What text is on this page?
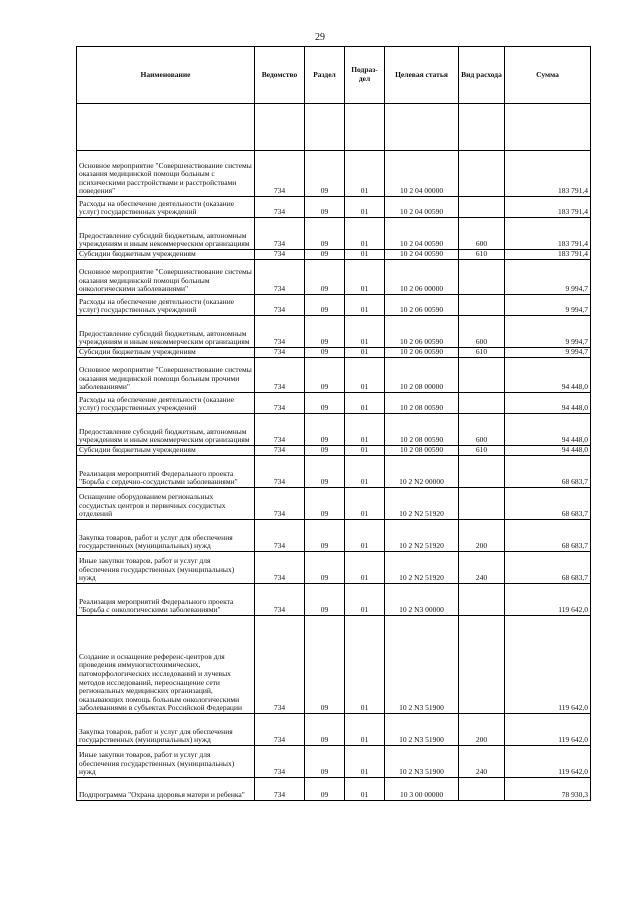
29
Наименование	Ведомство	Раздел	Подраз-дел	Целевая статья	Вид расхода	Сумма

Основное мероприятие "Совершенствование системы оказания медицинской помощи больным с психическими расстройствами и расстройствами поведения"	734	09	01	10 2 04 00000		183 791,4
Расходы на обеспечение деятельности (оказание услуг) государственных учреждений	734	09	01	10 2 04 00590		183 791,4
Предоставление субсидий бюджетным, автономным учреждениям и иным некоммерческим организациям	734	09	01	10 2 04 00590	600	183 791,4
Субсидии бюджетным учреждениям	734	09	01	10 2 04 00590	610	183 791,4
Основное мероприятие "Совершенствование системы оказания медицинской помощи больным онкологическими заболеваниями"	734	09	01	10 2 06 00000		9 994,7
Расходы на обеспечение деятельности (оказание услуг) государственных учреждений	734	09	01	10 2 06 00590		9 994,7
Предоставление субсидий бюджетным, автономным учреждениям и иным некоммерческим организациям	734	09	01	10 2 06 00590	600	9 994,7
Субсидии бюджетным учреждениям	734	09	01	10 2 06 00590	610	9 994,7
Основное мероприятие "Совершенствование системы оказания медицинской помощи больным прочими заболеваниями"	734	09	01	10 2 08 00000		94 448,0
Расходы на обеспечение деятельности (оказание услуг) государственных учреждений	734	09	01	10 2 08 00590		94 448,0
Предоставление субсидий бюджетным, автономным учреждениям и иным некоммерческим организациям	734	09	01	10 2 08 00590	600	94 448,0
Субсидии бюджетным учреждениям	734	09	01	10 2 08 00590	610	94 448,0
Реализация мероприятий Федерального проекта "Борьба с сердечно-сосудистыми заболеваниями"	734	09	01	10 2 N2 00000		68 683,7
Оснащение оборудованием региональных сосудистых центров и первичных сосудистых отделений	734	09	01	10 2 N2 51920		68 683,7
Закупка товаров, работ и услуг для обеспечения государственных (муниципальных) нужд	734	09	01	10 2 N2 51920	200	68 683,7
Иные закупки товаров, работ и услуг для обеспечения государственных (муниципальных) нужд	734	09	01	10 2 N2 51920	240	68 683,7
Реализация мероприятий Федерального проекта "Борьба с онкологическими заболеваниями"	734	09	01	10 2 N3 00000		119 642,0
Создание и оснащение референс-центров для проведения иммуногистохимических, патоморфологических исследований и лучевых методов исследований, переоснащение сети региональных медицинских организаций, оказывающих помощь больным онкологическими заболеваниями в субъектах Российской Федерации	734	09	01	10 2 N3 51900		119 642,0
Закупка товаров, работ и услуг для обеспечения государственных (муниципальных) нужд	734	09	01	10 2 N3 51900	200	119 642,0
Иные закупки товаров, работ и услуг для обеспечения государственных (муниципальных) нужд	734	09	01	10 2 N3 51900	240	119 642,0
Подпрограмма "Охрана здоровья матери и ребенка"	734	09	01	10 3 00 00000		78 930,3
